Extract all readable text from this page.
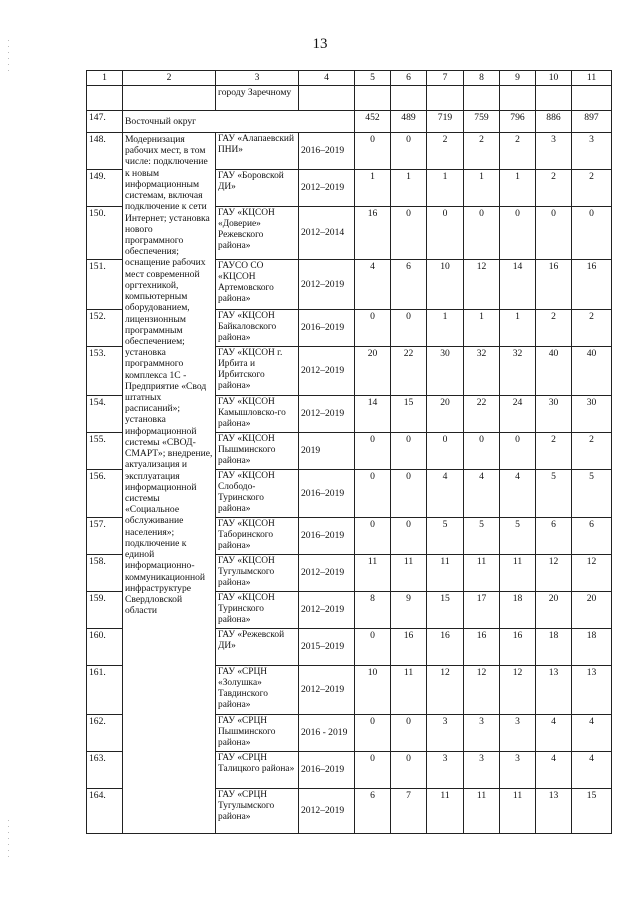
13
1	2	3	4	5	6	7	8	9	10	11
		городу Заречному								
147.	Восточный округ			452	489	719	759	796	886	897
148.	Модернизация рабочих мест, в том числе: подключение к новым информационным системам, включая подключение к сети Интернет; установка нового программного обеспечения; оснащение рабочих мест современной оргтехникой, компьютерным оборудованием, лицензионным программным обеспечением; установка программного комплекса 1С - Предприятие «Свод штатных расписаний»; установка информационной системы «СВОД-СМАРТ»; внедрение, актуализация и эксплуатация информационной системы «Социальное обслуживание населения»; подключение к единой информационно-коммуникационной инфраструктуре Свердловской области	ГАУ «Алапаевский ПНИ»	2016–2019	0	0	2	2	2	3	3
149.		ГАУ «Боровской ДИ»	2012–2019	1	1	1	1	1	2	2
150.		ГАУ «КЦСОН «Доверие» Режевского района»	2012–2014	16	0	0	0	0	0	0
151.		ГАУСО СО «КЦСОН Артемовского района»	2012–2019	4	6	10	12	14	16	16
152.		ГАУ «КЦСОН Байкаловского района»	2016–2019	0	0	1	1	1	2	2
153.		ГАУ «КЦСОН г. Ирбита и Ирбитского района»	2012–2019	20	22	30	32	32	40	40
154.		ГАУ «КЦСОН Камышловско-го района»	2012–2019	14	15	20	22	24	30	30
155.		ГАУ «КЦСОН Пышминского района»	2019	0	0	0	0	0	2	2
156.		ГАУ «КЦСОН Слободо-Туринского района»	2016–2019	0	0	4	4	4	5	5
157.		ГАУ «КЦСОН Таборинского района»	2016–2019	0	0	5	5	5	6	6
158.		ГАУ «КЦСОН Тугулымского района»	2012–2019	11	11	11	11	11	12	12
159.		ГАУ «КЦСОН Туринского района»	2012–2019	8	9	15	17	18	20	20
160.		ГАУ «Режевской ДИ»	2015–2019	0	16	16	16	16	18	18
161.		ГАУ «СРЦН «Золушка» Тавдинского района»	2012–2019	10	11	12	12	12	13	13
162.		ГАУ «СРЦН Пышминского района»	2016 - 2019	0	0	3	3	3	4	4
163.		ГАУ «СРЦН Талицкого района»	2016–2019	0	0	3	3	3	4	4
164.		ГАУ «СРЦН Тугулымского района»	2012–2019	6	7	11	11	11	13	15
